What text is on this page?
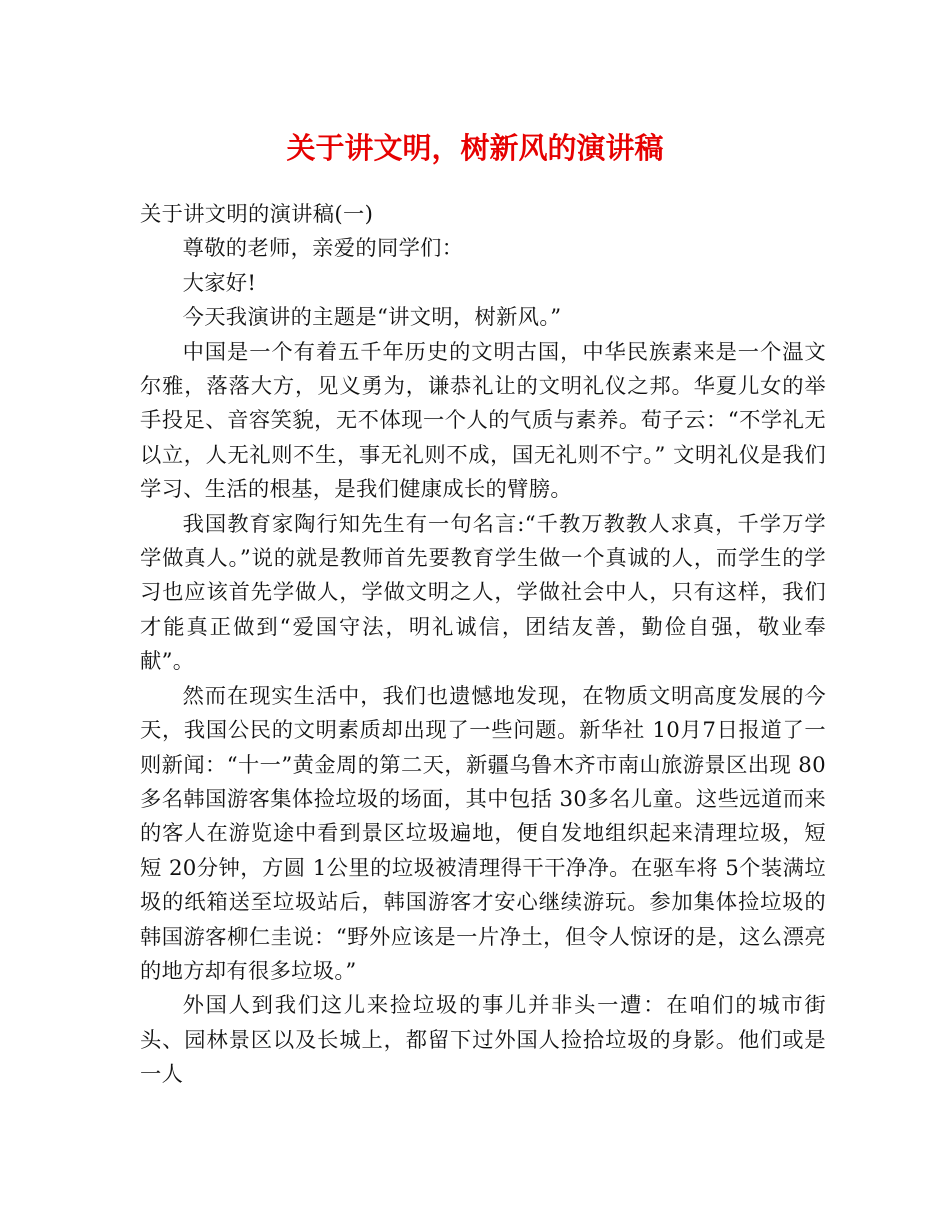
关于讲文明，树新风的演讲稿

关于讲文明的演讲稿(一)

尊敬的老师，亲爱的同学们：

大家好!

今天我演讲的主题是“讲文明，树新风。”

中国是一个有着五千年历史的文明古国，中华民族素来是一个温文尔雅，落落大方，见义勇为，谦恭礼让的文明礼仪之邦。华夏儿女的举手投足、音容笑貌，无不体现一个人的气质与素养。荀子云：“不学礼无以立，人无礼则不生，事无礼则不成，国无礼则不宁。” 文明礼仪是我们学习、生活的根基，是我们健康成长的臂膀。

我国教育家陶行知先生有一句名言:“千教万教教人求真，千学万学学做真人。”说的就是教师首先要教育学生做一个真诚的人，而学生的学习也应该首先学做人，学做文明之人，学做社会中人，只有这样，我们才能真正做到“爱国守法，明礼诚信，团结友善，勤俭自强，敬业奉献”。

然而在现实生活中，我们也遗憾地发现，在物质文明高度发展的今天，我国公民的文明素质却出现了一些问题。新华社 10月7日报道了一则新闻：“十一”黄金周的第二天，新疆乌鲁木齐市南山旅游景区出现 80多名韩国游客集体捡垃圾的场面，其中包括 30多名儿童。这些远道而来的客人在游览途中看到景区垃圾遍地，便自发地组织起来清理垃圾，短短 20分钟，方圆 1公里的垃圾被清理得干干净净。在驱车将 5个装满垃圾的纸箱送至垃圾站后，韩国游客才安心继续游玩。参加集体捡垃圾的韩国游客柳仁圭说：“野外应该是一片净土，但令人惊讶的是，这么漂亮的地方却有很多垃圾。”

外国人到我们这儿来捡垃圾的事儿并非头一遭：在咱们的城市街头、园林景区以及长城上，都留下过外国人捡拾垃圾的身影。他们或是一人
